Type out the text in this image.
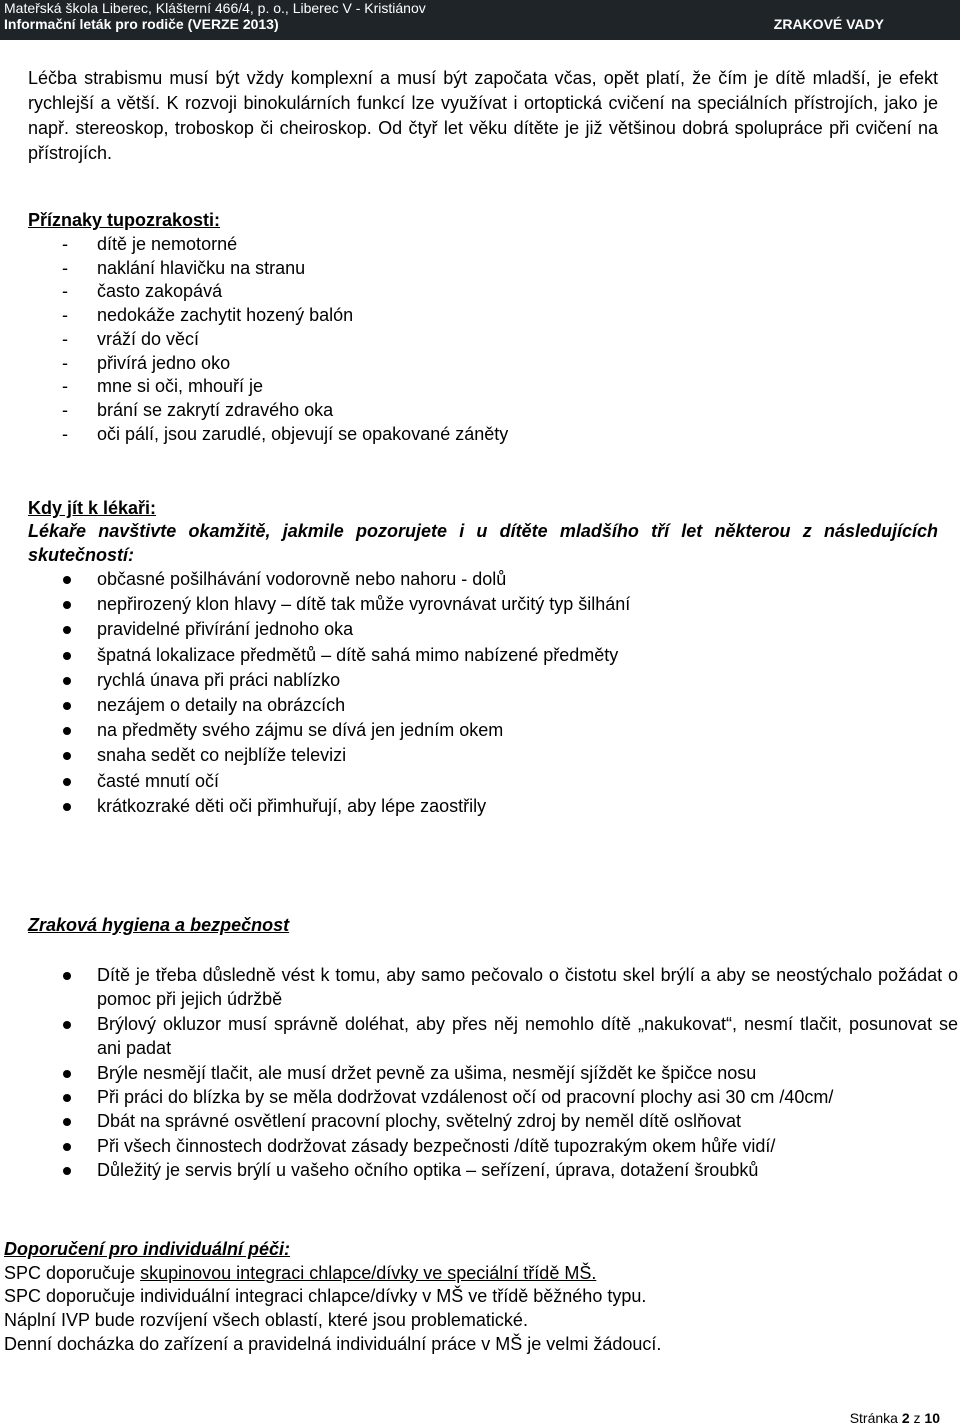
Mateřská škola Liberec, Klášterní 466/4, p. o., Liberec V - Kristiánov
Informační leták pro rodiče (VERZE 2013)	ZRAKOVÉ VADY
Léčba strabismu musí být vždy komplexní a musí být započata včas, opět platí, že čím je dítě mladší, je efekt rychlejší a větší. K rozvoji binokulárních funkcí lze využívat i ortoptická cvičení na speciálních přístrojích, jako je např. stereoskop, troboskop či cheiroskop. Od čtyř let věku dítěte je již většinou dobrá spolupráce při cvičení na přístrojích.
Příznaky tupozrakosti:
- dítě je nemotorné
- naklání hlavičku na stranu
- často zakopává
- nedokáže zachytit hozený balón
- vráží do věcí
- přivírá jedno oko
- mne si oči, mhouří je
- brání se zakrytí zdravého oka
- oči pálí, jsou zarudlé, objevují se opakované záněty
Kdy jít k lékaři:
Lékaře navštivte okamžitě, jakmile pozorujete i u dítěte mladšího tří let některou z následujících skutečností:
občasné pošilhávání vodorovně nebo nahoru - dolů
nepřirozený klon hlavy – dítě tak může vyrovnávat určitý typ šilhání
pravidelné přivírání jednoho oka
špatná lokalizace předmětů – dítě sahá mimo nabízené předměty
rychlá únava při práci nablízko
nezájem o detaily na obrázcích
na předměty svého zájmu se dívá jen jedním okem
snaha sedět co nejblíže televizi
časté mnutí očí
krátkozraké děti oči přimhuřují, aby lépe zaostřily
Zraková hygiena a bezpečnost
Dítě je třeba důsledně vést k tomu, aby samo pečovalo o čistotu skel brýlí a aby se neostýchalo požádat o pomoc při jejich údržbě
Brýlový okluzor musí správně doléhat, aby přes něj nemohlo dítě „nakukovat“, nesmí tlačit, posunovat se ani padat
Brýle nesmějí tlačit, ale musí držet pevně za ušima, nesmějí sjíždět ke špičce nosu
Při práci do blízka by se měla dodržovat vzdálenost očí od pracovní plochy asi 30 cm /40cm/
Dbát na správné osvětlení pracovní plochy, světelný zdroj by neměl dítě oslňovat
Při všech činnostech dodržovat zásady bezpečnosti /dítě tupozrakým okem hůře vidí/
Důležitý je servis brýlí u vašeho očního optika – seřízení, úprava, dotažení šroubků
Doporučení pro individuální péči:
SPC doporučuje skupinovou integraci chlapce/dívky ve speciální třídě MŠ.
SPC doporučuje individuální integraci chlapce/dívky v MŠ ve třídě běžného typu.
Náplní IVP bude rozvíjení všech oblastí, které jsou problematické.
Denní docházka do zařízení a pravidelná individuální práce v MŠ je velmi žádoucí.
Stránka 2 z 10
